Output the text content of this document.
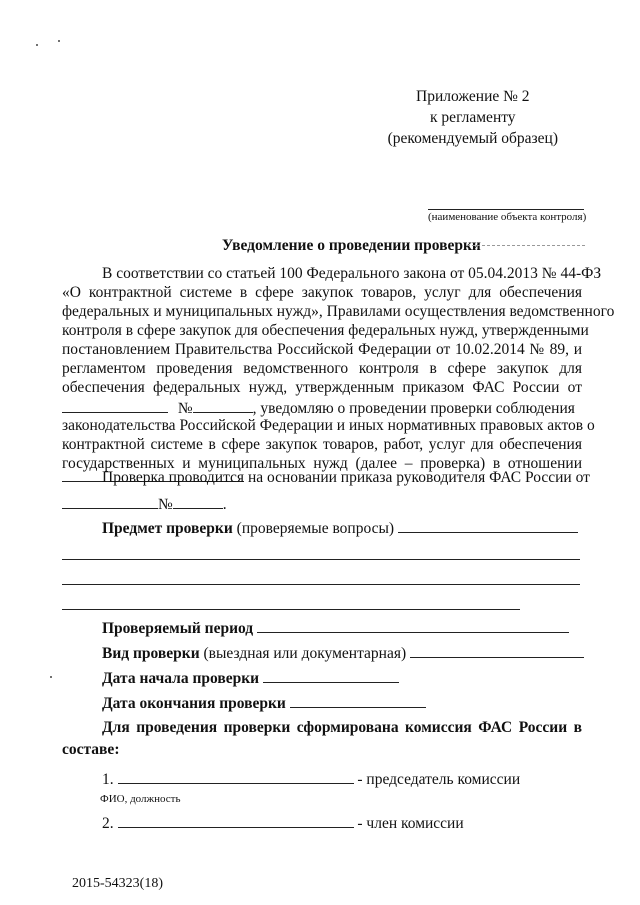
Приложение № 2
к регламенту
(рекомендуемый образец)
(наименование объекта контроля)
Уведомление о проведении проверки
В соответствии со статьей 100 Федерального закона от 05.04.2013 № 44-ФЗ
«О контрактной системе в сфере закупок товаров, услуг для обеспечения
федеральных и муниципальных нужд», Правилами осуществления ведомственного
контроля в сфере закупок для обеспечения федеральных нужд, утвержденными
постановлением Правительства Российской Федерации от 10.02.2014 № 89, и
регламентом проведения ведомственного контроля в сфере закупок для
обеспечения федеральных нужд, утвержденным приказом ФАС России от
№	, уведомляю о проведении проверки соблюдения
законодательства Российской Федерации и иных нормативных правовых актов о
контрактной системе в сфере закупок товаров, работ, услуг для обеспечения
государственных и муниципальных нужд (далее – проверка) в отношении
Проверка проводится на основании приказа руководителя ФАС России от
№	.
Предмет проверки (проверяемые вопросы)
Проверяемый период
Вид проверки (выездная или документарная)
Дата начала проверки
Дата окончания проверки
Для проведения проверки сформирована комиссия ФАС России в
составе:
1.	- председатель комиссии
ФИО, должность
2.	- член комиссии
2015-54323(18)
